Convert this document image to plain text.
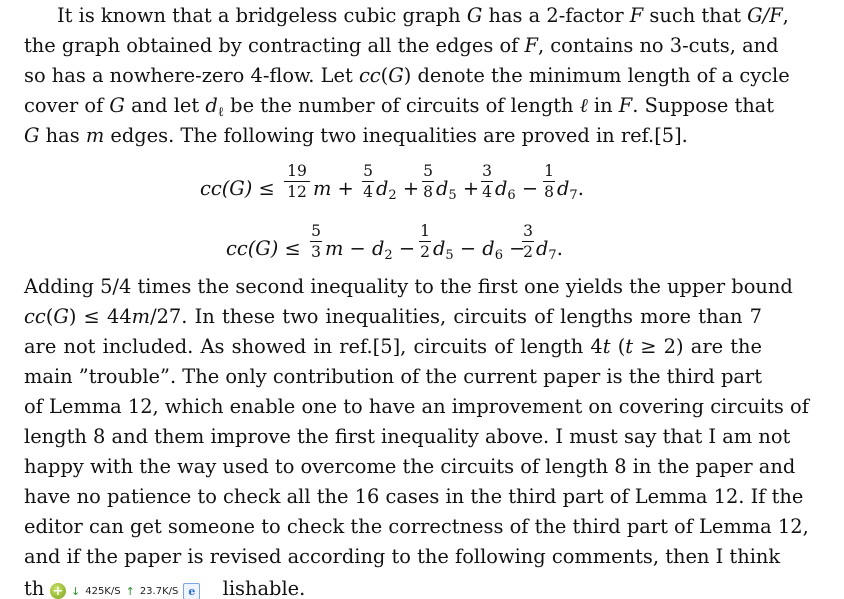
It is known that a bridgeless cubic graph G has a 2-factor F such that G/F,
the graph obtained by contracting all the edges of F, contains no 3-cuts, and
so has a nowhere-zero 4-flow. Let cc(G) denote the minimum length of a cycle
cover of G and let $d_\ell$ be the number of circuits of length ℓ in F. Suppose that
G has m edges. The following two inequalities are proved in ref.[5].
cc(G) ≤
19
12 m +
5
4 $d_2$ +
5
8 $d_5$ +
3
4 $d_6$ −
1
8 $d_7$.
cc(G) ≤
5
3 $m - d_2$ −
1
2 $d_5 - d_6$ −
3
2 $d_7$.
Adding 5/4 times the second inequality to the first one yields the upper bound
cc(G) ≤ 44m/27. In these two inequalities, circuits of lengths more than 7
are not included. As showed in ref.[5], circuits of length 4t (t ≥ 2) are the
main ”trouble”. The only contribution of the current paper is the third part
of Lemma 12, which enable one to have an improvement on covering circuits of
length 8 and them improve the first inequality above. I must say that I am not
happy with the way used to overcome the circuits of length 8 in the paper and
have no patience to check all the 16 cases in the third part of Lemma 12. If the
editor can get someone to check the correctness of the third part of Lemma 12,
and if the paper is revised according to the following comments, then I think
th	lishable.
+ ↓ 425K/S ↑ 23.7K/S e
